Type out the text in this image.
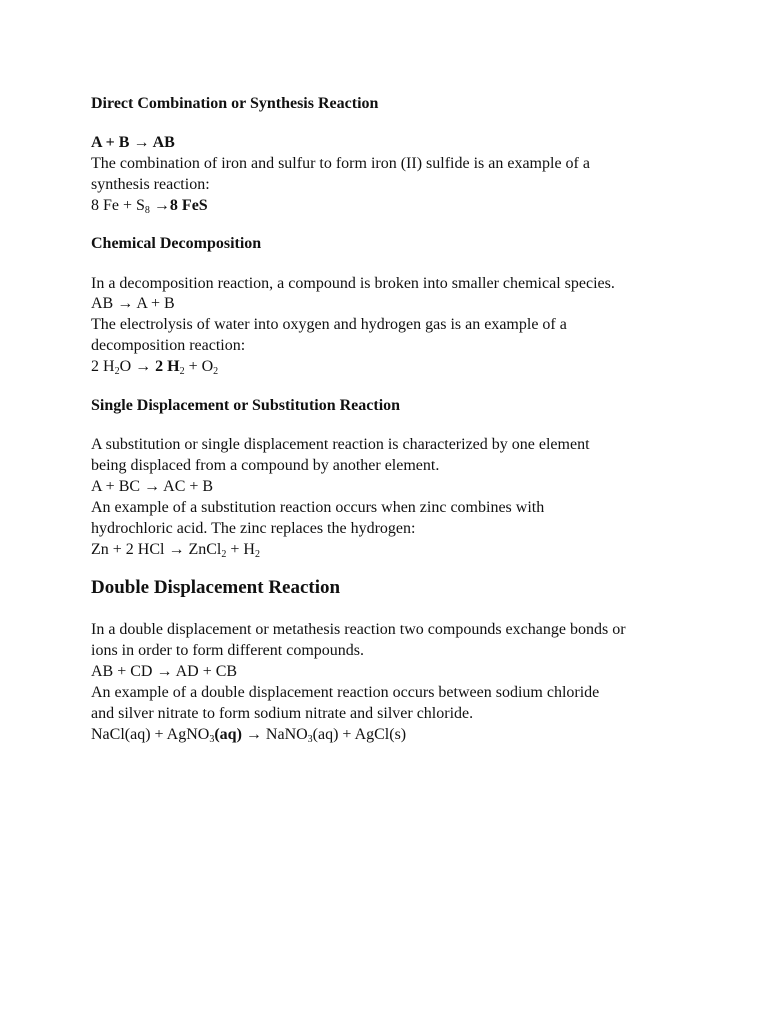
Direct Combination or Synthesis Reaction
A + B → AB
The combination of iron and sulfur to form iron (II) sulfide is an example of a
synthesis reaction:
8 $Fe + S_8 \to 8$ FeS
Chemical Decomposition
In a decomposition reaction, a compound is broken into smaller chemical species.
AB → A + B
The electrolysis of water into oxygen and hydrogen gas is an example of a
decomposition reaction:
2 $H_2O \to 2$ $H_2 + O_2$
Single Displacement or Substitution Reaction
A substitution or single displacement reaction is characterized by one element
being displaced from a compound by another element.
A + BC → AC + B
An example of a substitution reaction occurs when zinc combines with
hydrochloric acid. The zinc replaces the hydrogen:
Zn + 2 HCl → ZnCl$_2$ + $H_2$
Double Displacement Reaction
In a double displacement or metathesis reaction two compounds exchange bonds or
ions in order to form different compounds.
AB + CD → AD + CB
An example of a double displacement reaction occurs between sodium chloride
and silver nitrate to form sodium nitrate and silver chloride.
NaCl(aq) + AgNO$_3$(aq) → NaNO$_3$(aq) + AgCl(s)
